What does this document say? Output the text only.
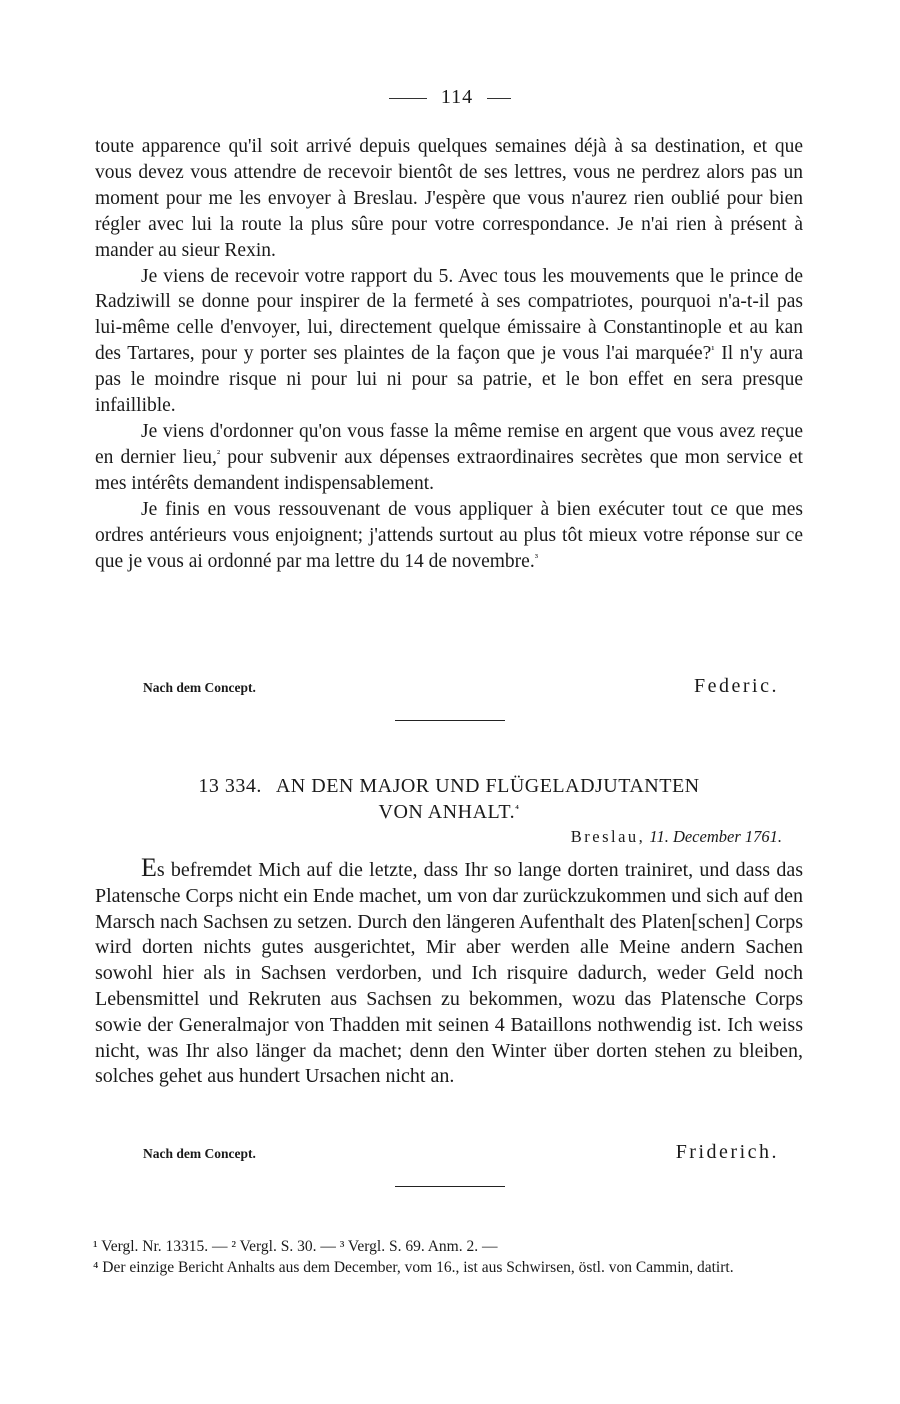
114

toute apparence qu'il soit arrivé depuis quelques semaines déjà à sa destination, et que vous devez vous attendre de recevoir bientôt de ses lettres, vous ne perdrez alors pas un moment pour me les envoyer à Breslau. J'espère que vous n'aurez rien oublié pour bien régler avec lui la route la plus sûre pour votre correspondance. Je n'ai rien à présent à mander au sieur Rexin.

Je viens de recevoir votre rapport du 5. Avec tous les mouvements que le prince de Radziwill se donne pour inspirer de la fermeté à ses compatriotes, pourquoi n'a-t-il pas lui-même celle d'envoyer, lui, directement quelque émissaire à Constantinople et au kan des Tartares, pour y porter ses plaintes de la façon que je vous l'ai marquée?$^{^1}$ Il n'y aura pas le moindre risque ni pour lui ni pour sa patrie, et le bon effet en sera presque infaillible.

Je viens d'ordonner qu'on vous fasse la même remise en argent que vous avez reçue en dernier lieu,$^{^2}$ pour subvenir aux dépenses extraordinaires secrètes que mon service et mes intérêts demandent indispensablement.

Je finis en vous ressouvenant de vous appliquer à bien exécuter tout ce que mes ordres antérieurs vous enjoignent; j'attends surtout au plus tôt mieux votre réponse sur ce que je vous ai ordonné par ma lettre du 14 de novembre.$^{^3}$

Nach dem Concept.	Federic.
13 334. AN DEN MAJOR UND FLÜGELADJUTANTEN
VON ANHALT.$^{^4}$
Breslau, 11. December 1761.

Es befremdet Mich auf die letzte, dass Ihr so lange dorten trainiret, und dass das Platensche Corps nicht ein Ende machet, um von dar zurückzukommen und sich auf den Marsch nach Sachsen zu setzen. Durch den längeren Aufenthalt des Platen[schen] Corps wird dorten nichts gutes ausgerichtet, Mir aber werden alle Meine andern Sachen sowohl hier als in Sachsen verdorben, und Ich risquire dadurch, weder Geld noch Lebensmittel und Rekruten aus Sachsen zu bekommen, wozu das Platensche Corps sowie der Generalmajor von Thadden mit seinen 4 Bataillons nothwendig ist. Ich weiss nicht, was Ihr also länger da machet; denn den Winter über dorten stehen zu bleiben, solches gehet aus hundert Ursachen nicht an.

Nach dem Concept.	Friderich.

¹ Vergl. Nr. 13315. — ² Vergl. S. 30. — ³ Vergl. S. 69. Anm. 2. —

⁴ Der einzige Bericht Anhalts aus dem December, vom 16., ist aus Schwirsen, östl. von Cammin, datirt.
